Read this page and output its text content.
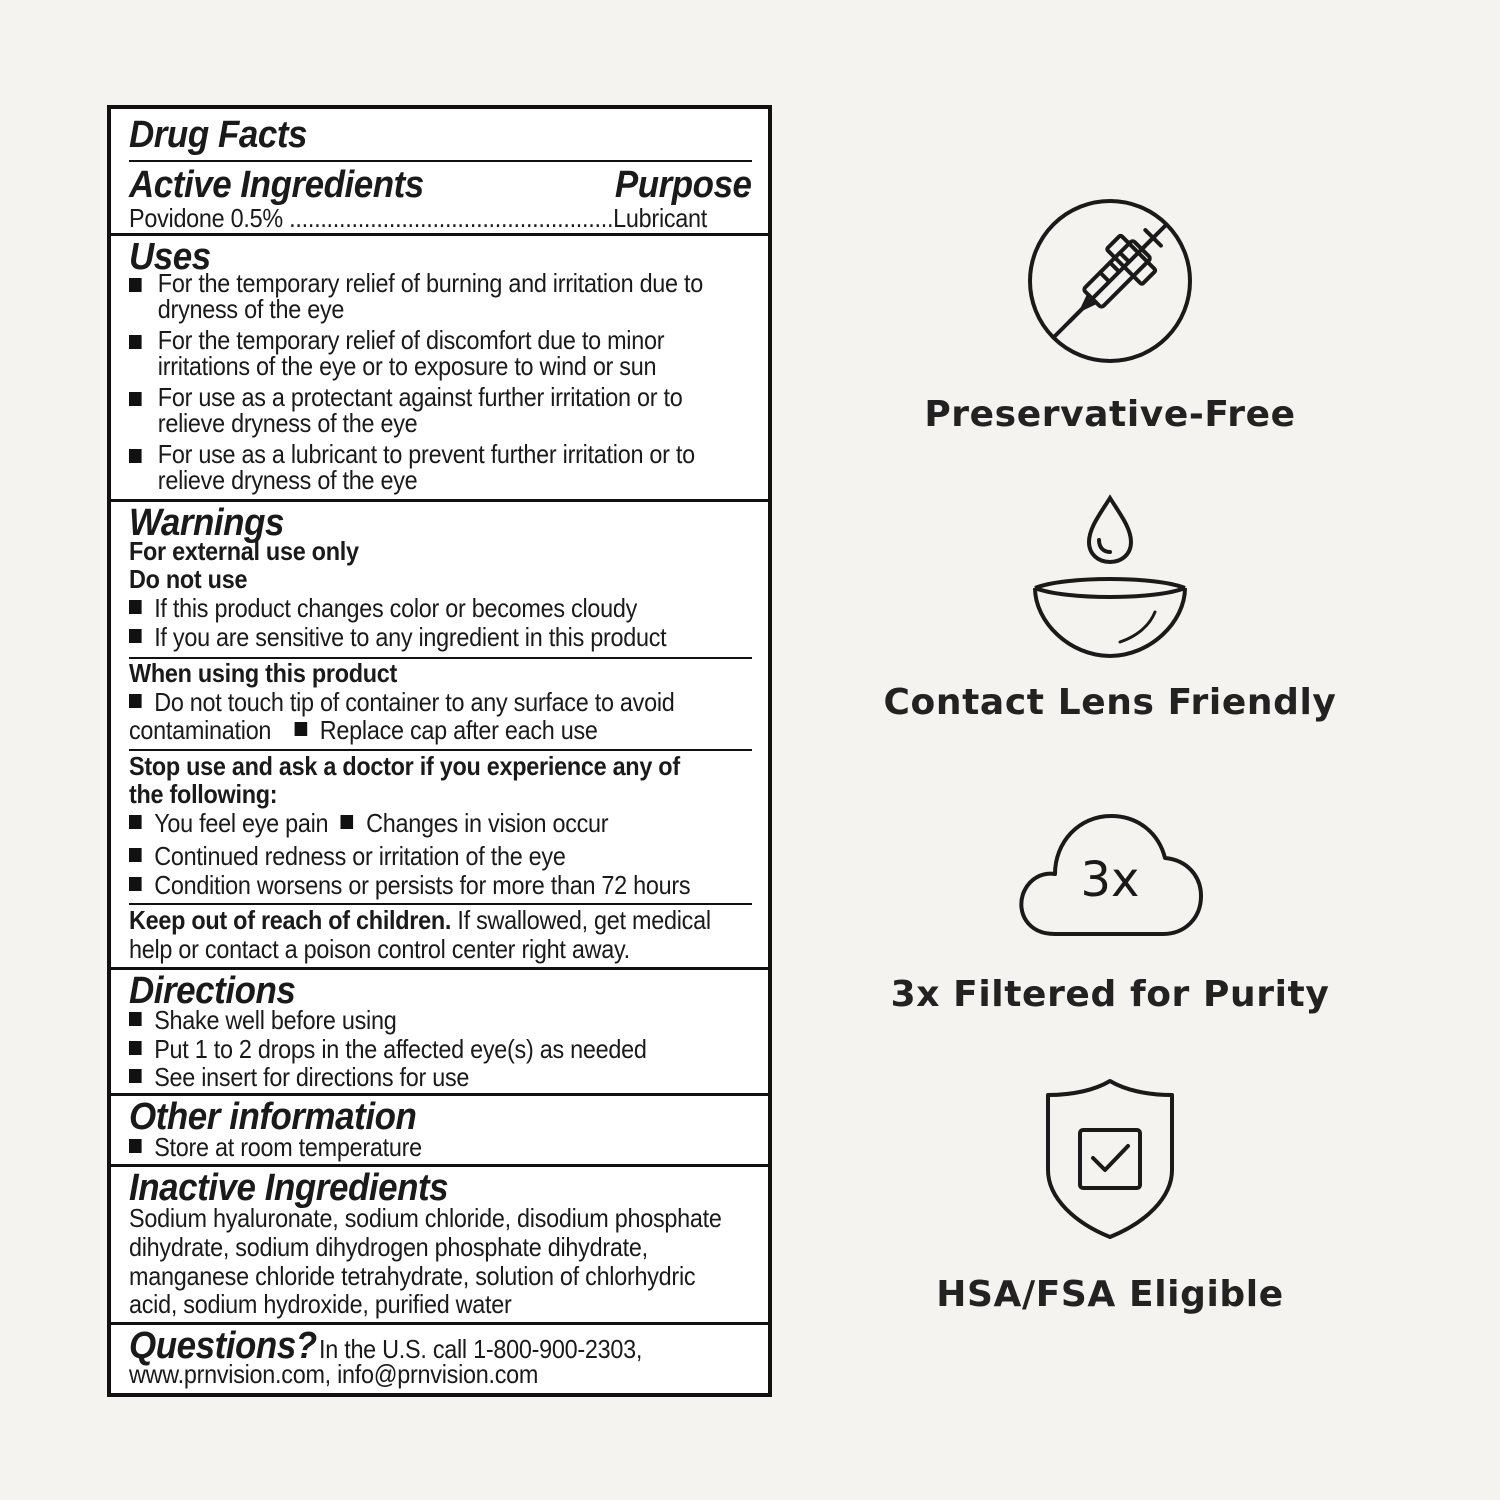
Drug Facts
Active Ingredients	Purpose
Povidone 0.5% ....................................................Lubricant
Uses
For the temporary relief of burning and irritation due to
dryness of the eye
For the temporary relief of discomfort due to minor
irritations of the eye or to exposure to wind or sun
For use as a protectant against further irritation or to
relieve dryness of the eye
For use as a lubricant to prevent further irritation or to
relieve dryness of the eye
Warnings
For external use only
Do not use
If this product changes color or becomes cloudy
If you are sensitive to any ingredient in this product
When using this product
Do not touch tip of container to any surface to avoid
contamination Replace cap after each use
Stop use and ask a doctor if you experience any of
the following:
You feel eye pain Changes in vision occur
Continued redness or irritation of the eye
Condition worsens or persists for more than 72 hours
Keep out of reach of children. If swallowed, get medical
help or contact a poison control center right away.
Directions
Shake well before using
Put 1 to 2 drops in the affected eye(s) as needed
See insert for directions for use
Other information
Store at room temperature
Inactive Ingredients
Sodium hyaluronate, sodium chloride, disodium phosphate
dihydrate, sodium dihydrogen phosphate dihydrate,
manganese chloride tetrahydrate, solution of chlorhydric
acid, sodium hydroxide, purified water
Questions?In the U.S. call 1-800-900-2303,
www.prnvision.com, info@prnvision.com
Preservative-Free
Contact Lens Friendly
3x
3x Filtered for Purity
HSA/FSA Eligible
